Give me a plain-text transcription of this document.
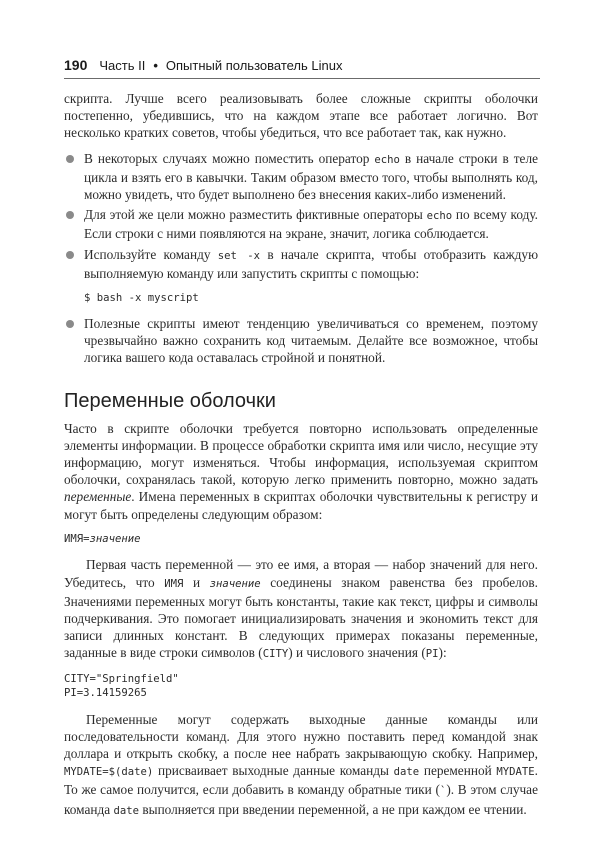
190 Часть II • Опытный пользователь Linux

скрипта. Лучше всего реализовывать более сложные скрипты оболочки постепенно, убедившись, что на каждом этапе все работает логично. Вот несколько кратких советов, чтобы убедиться, что все работает так, как нужно.

В некоторых случаях можно поместить оператор echo в начале строки в теле цикла и взять его в кавычки. Таким образом вместо того, чтобы выполнять код, можно увидеть, что будет выполнено без внесения каких-либо изменений.
Для этой же цели можно разместить фиктивные операторы echo по всему коду. Если строки с ними появляются на экране, значит, логика соблюдается.
Используйте команду set -x в начале скрипта, чтобы отобразить каждую выполняемую команду или запустить скрипты с помощью:
$ bash -x myscript
Полезные скрипты имеют тенденцию увеличиваться со временем, поэтому чрезвычайно важно сохранить код читаемым. Делайте все возможное, чтобы логика вашего кода оставалась стройной и понятной.
Переменные оболочки

Часто в скрипте оболочки требуется повторно использовать определенные элементы информации. В процессе обработки скрипта имя или число, несущие эту информацию, могут изменяться. Чтобы информация, используемая скриптом оболочки, сохранялась такой, которую легко применить повторно, можно задать переменные. Имена переменных в скриптах оболочки чувствительны к регистру и могут быть определены следующим образом:

ИМЯ=значение

Первая часть переменной — это ее имя, а вторая — набор значений для него. Убедитесь, что ИМЯ и значение соединены знаком равенства без пробелов. Значениями переменных могут быть константы, такие как текст, цифры и символы подчеркивания. Это помогает инициализировать значения и экономить текст для записи длинных констант. В следующих примерах показаны переменные, заданные в виде строки символов (CITY) и числового значения (PI):

CITY="Springfield"
PI=3.14159265

Переменные могут содержать выходные данные команды или последовательности команд. Для этого нужно поставить перед командой знак доллара и открыть скобку, а после нее набрать закрывающую скобку. Например, MYDATE=$(date) присваивает выходные данные команды date переменной MYDATE. То же самое получится, если добавить в команду обратные тики (`). В этом случае команда date выполняется при введении переменной, а не при каждом ее чтении.
